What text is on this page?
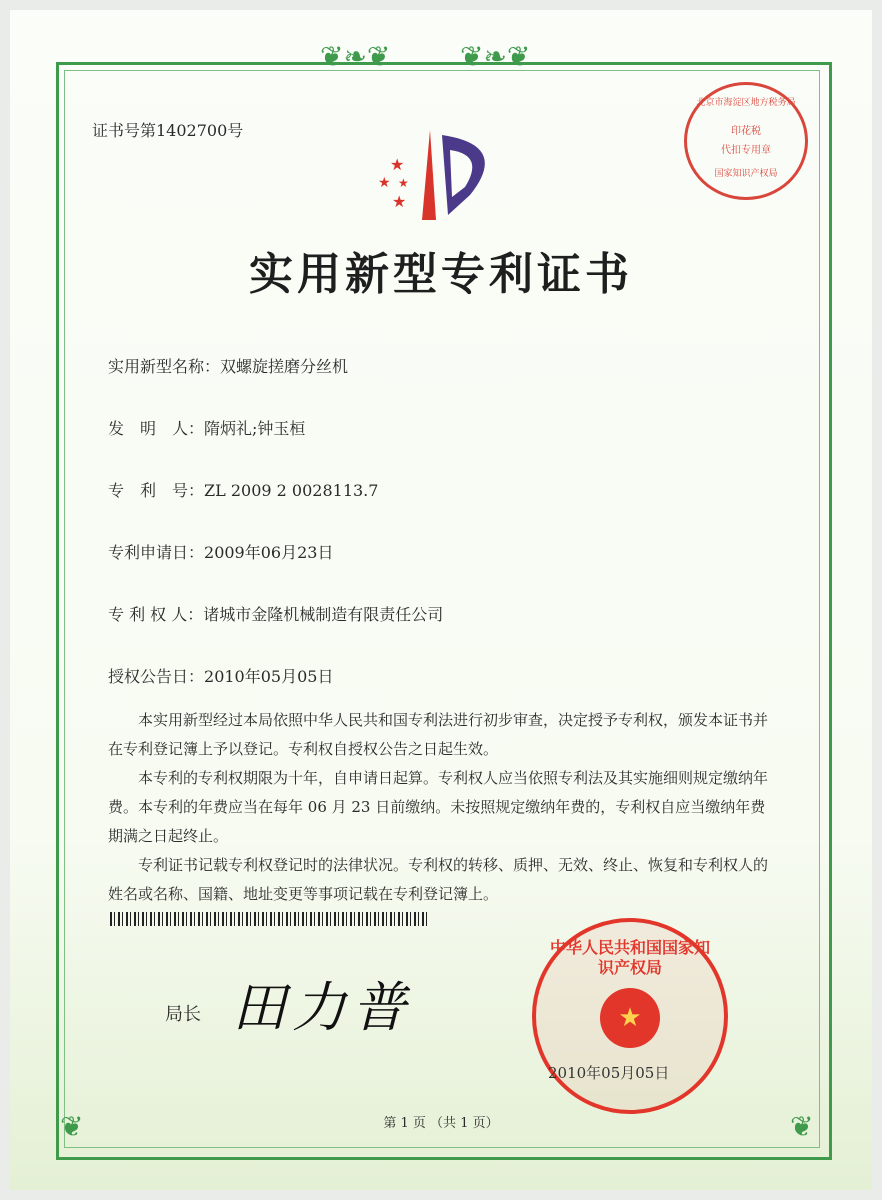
❦❧❦ ❦❧❦
❦	❦
证书号第1402700号
★
★ ★
★
实用新型专利证书
实用新型名称：双螺旋搓磨分丝机
发　明　人：隋炳礼;钟玉桓
专　利　号：ZL 2009 2 0028113.7
专利申请日：2009年06月23日
专 利 权 人：诸城市金隆机械制造有限责任公司
授权公告日：2010年05月05日

本实用新型经过本局依照中华人民共和国专利法进行初步审查，决定授予专利权，颁发本证书并在专利登记簿上予以登记。专利权自授权公告之日起生效。

本专利的专利权期限为十年，自申请日起算。专利权人应当依照专利法及其实施细则规定缴纳年费。本专利的年费应当在每年 06 月 23 日前缴纳。未按照规定缴纳年费的，专利权自应当缴纳年费期满之日起终止。

专利证书记载专利权登记时的法律状况。专利权的转移、质押、无效、终止、恢复和专利权人的姓名或名称、国籍、地址变更等事项记载在专利登记簿上。

局长 田力普
北京市海淀区地方税务局
印花税
代扣专用章
国家知识产权局
中华人民共和国国家知识产权局
★
2010年05月05日
第 1 页 （共 1 页）
